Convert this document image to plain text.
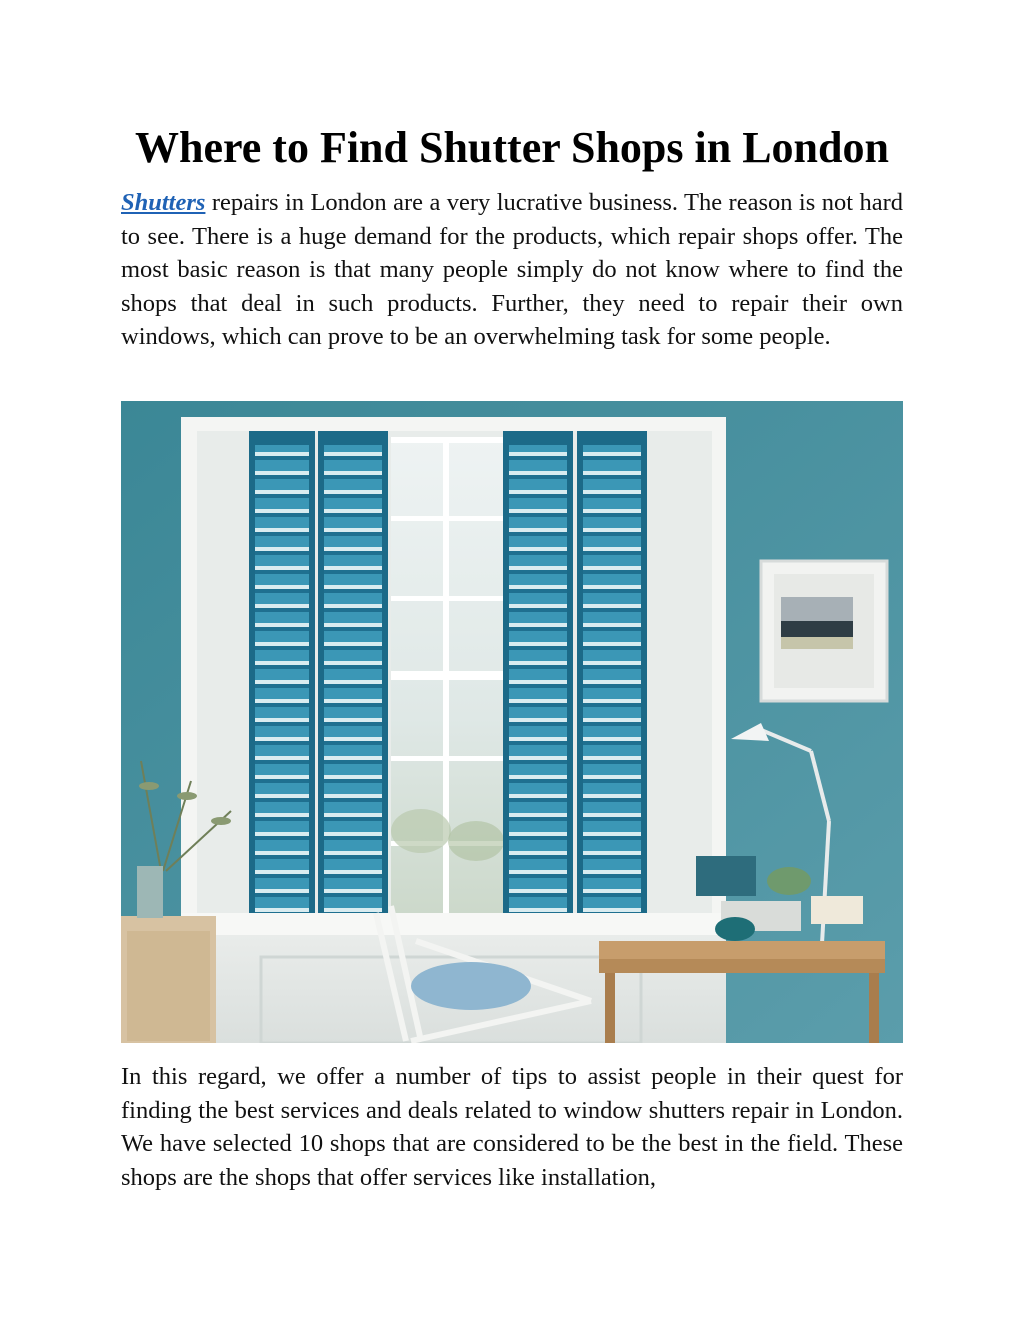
Where to Find Shutter Shops in London

Shutters repairs in London are a very lucrative business. The reason is not hard to see. There is a huge demand for the products, which repair shops offer. The most basic reason is that many people simply do not know where to find the shops that deal in such products. Further, they need to repair their own windows, which can prove to be an overwhelming task for some people.

In this regard, we offer a number of tips to assist people in their quest for finding the best services and deals related to window shutters repair in London. We have selected 10 shops that are considered to be the best in the field. These shops are the shops that offer services like installation,
